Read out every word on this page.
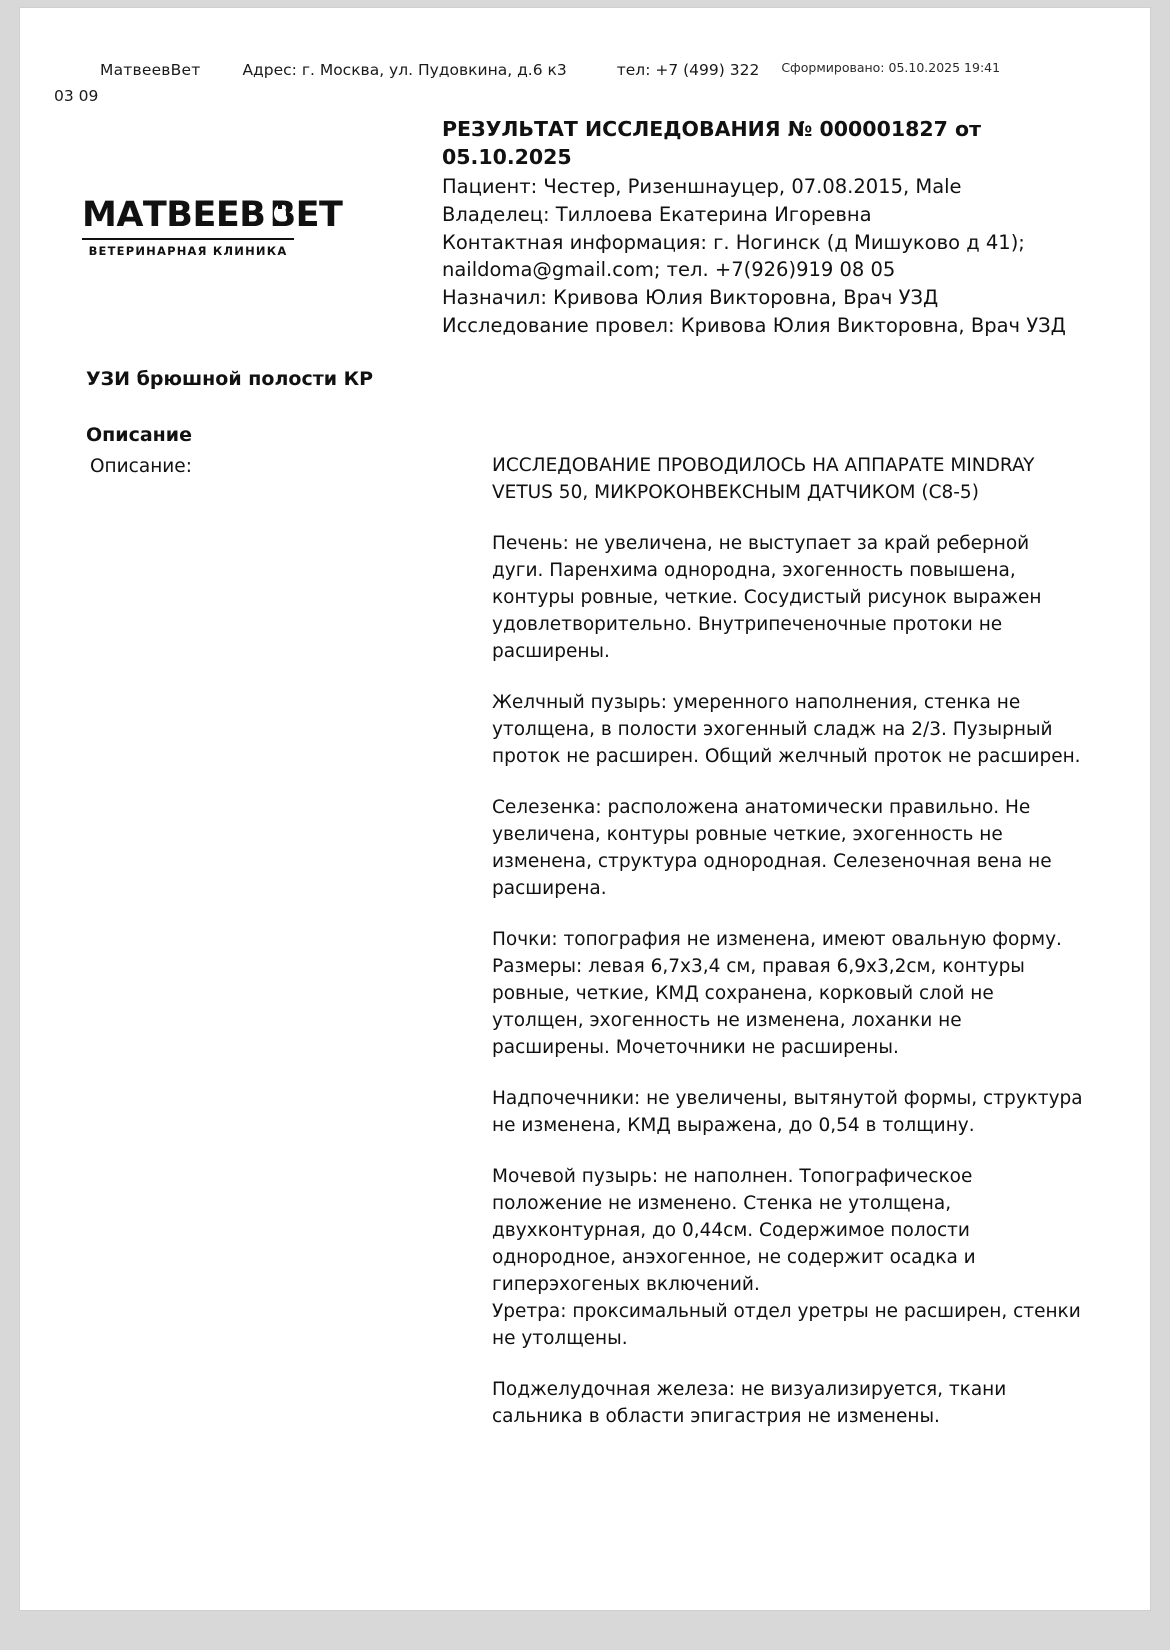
МатвеевВет	Адрес: г. Москва, ул. Пудовкина, д.6 к3	тел: +7 (499) 322 Сформировано: 05.10.2025 19:41
03 09
МАТВЕЕВ ВЕТ
ВЕТЕРИНАРНАЯ КЛИНИКА
РЕЗУЛЬТАТ ИССЛЕДОВАНИЯ № 000001827 от 05.10.2025
Пациент: Честер, Ризеншнауцер, 07.08.2015, Male
Владелец: Тиллоева Екатерина Игоревна
Контактная информация: г. Ногинск (д Мишуково д 41); naildoma@gmail.com; тел. +7(926)919 08 05
Назначил: Кривова Юлия Викторовна, Врач УЗД
Исследование провел: Кривова Юлия Викторовна, Врач УЗД
УЗИ брюшной полости КР
Описание
Описание:	ИССЛЕДОВАНИЕ ПРОВОДИЛОСЬ НА АППАРАТЕ MINDRAY VETUS 50, МИКРОКОНВЕКСНЫМ ДАТЧИКОМ (C8-5)

Печень: не увеличена, не выступает за край реберной дуги. Паренхима однородна, эхогенность повышена, контуры ровные, четкие. Сосудистый рисунок выражен удовлетворительно. Внутрипеченочные протоки не расширены.

Желчный пузырь: умеренного наполнения, стенка не утолщена, в полости эхогенный сладж на 2/3. Пузырный проток не расширен. Общий желчный проток не расширен.

Селезенка: расположена анатомически правильно. Не увеличена, контуры ровные четкие, эхогенность не изменена, структура однородная. Селезеночная вена не расширена.

Почки: топография не изменена, имеют овальную форму. Размеры: левая 6,7х3,4 см, правая 6,9х3,2см, контуры ровные, четкие, КМД сохранена, корковый слой не утолщен, эхогенность не изменена, лоханки не расширены. Мочеточники не расширены.

Надпочечники: не увеличены, вытянутой формы, структура не изменена, КМД выражена, до 0,54 в толщину.

Мочевой пузырь: не наполнен. Топографическое положение не изменено. Стенка не утолщена, двухконтурная, до 0,44см. Содержимое полости однородное, анэхогенное, не содержит осадка и гиперэхогеных включений.

Уретра: проксимальный отдел уретры не расширен, стенки не утолщены.

Поджелудочная железа: не визуализируется, ткани сальника в области эпигастрия не изменены.
